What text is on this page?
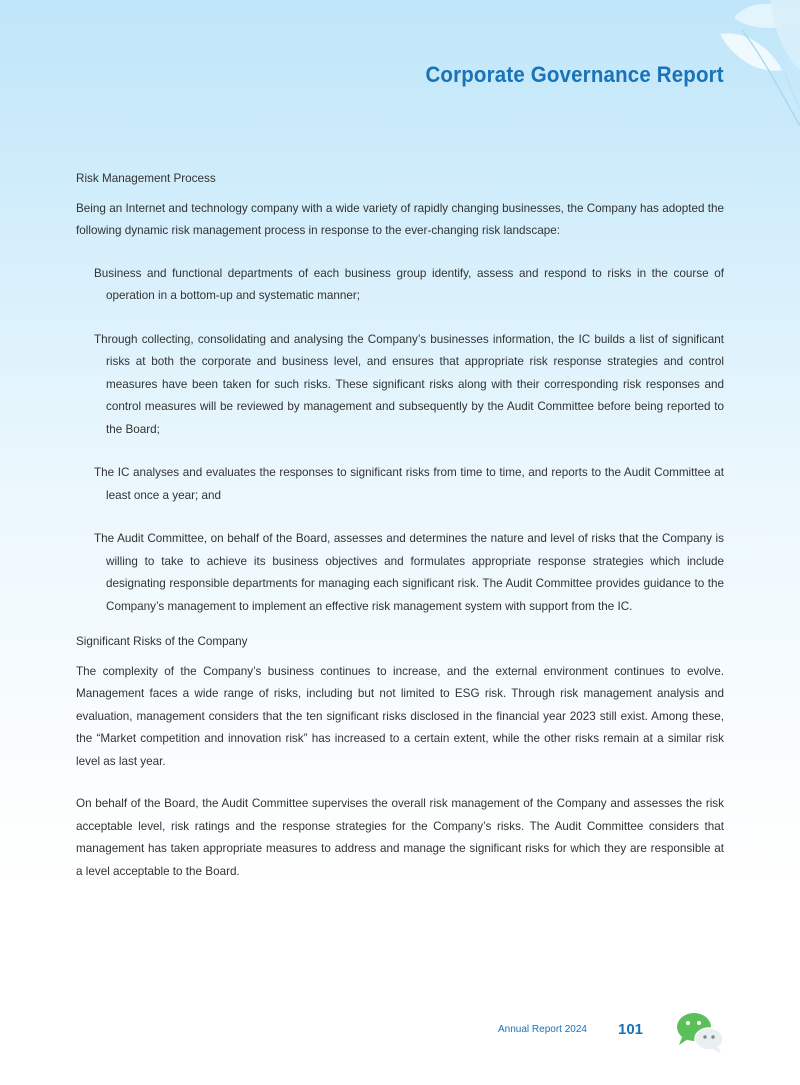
Corporate Governance Report
Risk Management Process

Being an Internet and technology company with a wide variety of rapidly changing businesses, the Company has adopted the following dynamic risk management process in response to the ever-changing risk landscape:

Business and functional departments of each business group identify, assess and respond to risks in the course of operation in a bottom-up and systematic manner;
Through collecting, consolidating and analysing the Company’s businesses information, the IC builds a list of significant risks at both the corporate and business level, and ensures that appropriate risk response strategies and control measures have been taken for such risks. These significant risks along with their corresponding risk responses and control measures will be reviewed by management and subsequently by the Audit Committee before being reported to the Board;
The IC analyses and evaluates the responses to significant risks from time to time, and reports to the Audit Committee at least once a year; and
The Audit Committee, on behalf of the Board, assesses and determines the nature and level of risks that the Company is willing to take to achieve its business objectives and formulates appropriate response strategies which include designating responsible departments for managing each significant risk. The Audit Committee provides guidance to the Company’s management to implement an effective risk management system with support from the IC.
Significant Risks of the Company

The complexity of the Company’s business continues to increase, and the external environment continues to evolve. Management faces a wide range of risks, including but not limited to ESG risk. Through risk management analysis and evaluation, management considers that the ten significant risks disclosed in the financial year 2023 still exist. Among these, the “Market competition and innovation risk” has increased to a certain extent, while the other risks remain at a similar risk level as last year.

On behalf of the Board, the Audit Committee supervises the overall risk management of the Company and assesses the risk acceptable level, risk ratings and the response strategies for the Company’s risks. The Audit Committee considers that management has taken appropriate measures to address and manage the significant risks for which they are responsible at a level acceptable to the Board.

Annual Report 2024 101
